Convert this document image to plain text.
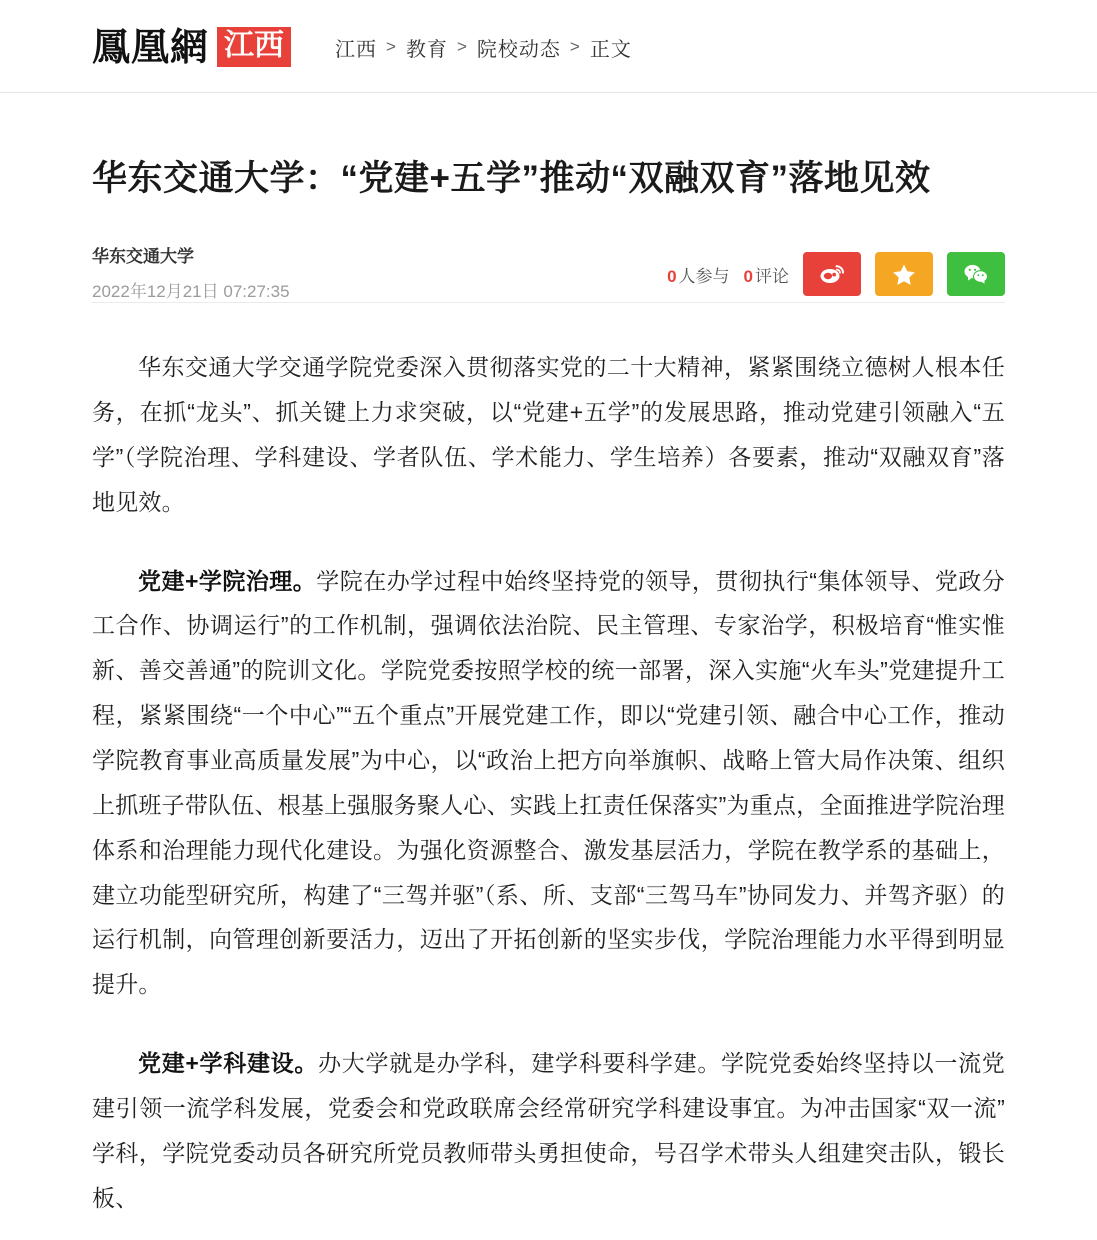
鳳凰網 江西	江西 > 教育 > 院校动态 > 正文
华东交通大学：“党建+五学”推动“双融双育”落地见效
华东交通大学
2022年12月21日 07:27:35
0 人参与 0 评论

华东交通大学交通学院党委深入贯彻落实党的二十大精神，紧紧围绕立德树人根本任务，在抓“龙头”、抓关键上力求突破，以“党建+五学”的发展思路，推动党建引领融入“五学”（学院治理、学科建设、学者队伍、学术能力、学生培养）各要素，推动“双融双育”落地见效。

党建+学院治理。学院在办学过程中始终坚持党的领导，贯彻执行“集体领导、党政分工合作、协调运行”的工作机制，强调依法治院、民主管理、专家治学，积极培育“惟实惟新、善交善通”的院训文化。学院党委按照学校的统一部署，深入实施“火车头”党建提升工程，紧紧围绕“一个中心”“五个重点”开展党建工作，即以“党建引领、融合中心工作，推动学院教育事业高质量发展”为中心，以“政治上把方向举旗帜、战略上管大局作决策、组织上抓班子带队伍、根基上强服务聚人心、实践上扛责任保落实”为重点，全面推进学院治理体系和治理能力现代化建设。为强化资源整合、激发基层活力，学院在教学系的基础上，建立功能型研究所，构建了“三驾并驱”（系、所、支部“三驾马车”协同发力、并驾齐驱）的运行机制，向管理创新要活力，迈出了开拓创新的坚实步伐，学院治理能力水平得到明显提升。

党建+学科建设。办大学就是办学科，建学科要科学建。学院党委始终坚持以一流党建引领一流学科发展，党委会和党政联席会经常研究学科建设事宜。为冲击国家“双一流”学科，学院党委动员各研究所党员教师带头勇担使命，号召学术带头人组建突击队，锻长板、
